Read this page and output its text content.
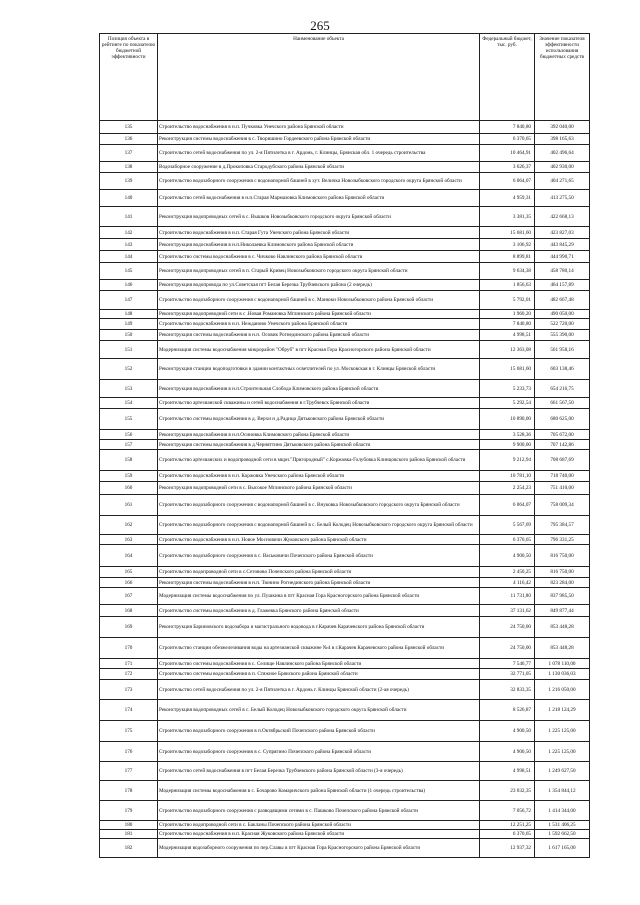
265
Позиция объекта в рейтинге по показателю бюджетной эффективности	Наименование объекта	Федеральный бюджет, тыс. руб.	Значение показателя эффективности использования бюджетных средств
135	Строительство водоснабжения в н.п. Пучковка Унечского района Брянской области	7 840,80	392 040,00
136	Реконструкция системы водоснабжения в с. Творишино Гордеевского района Брянской области	6 370,65	398 165,63
137	Строительство сетей водоснабжения по ул. 2-я Пятилетка в г. Ардонь, г. Клинцы, Брянская обл. 1 очередь строительства	10 464,91	402 496,64
138	Водозаборное сооружение в д.Прокоповка Стародубского района Брянской области	3 626,37	402 930,00
139	Строительство водозаборного сооружения с водонапорной башней в хут. Величка Новозыбковского городского округа Брянской области	6 064,07	404 271,65
140	Строительство сетей водоснабжения в н.п.Старая Мармазовка Климовского района Брянской области	4 959,31	413 275,50
141	Реконструкция водопроводных сетей в с. Вышков Новозыбковского городского округа Брянской области	3 381,35	422 668,13
142	Строительство водоснабжения в н.п. Старая Гута Унечского района Брянской области	15 681,60	423 827,03
143	Реконструкция водоснабжения в н.п.Николаевка Климовского района Брянской области	3 106,92	443 845,29
144	Строительство системы водоснабжения в с. Чичково Навлинского района Брянской области	8 899,81	444 990,71
145	Реконструкция водопроводных сетей в п. Старый Кривец Новозыбковского городского округа Брянской области	9 634,38	458 780,14
146	Реконструкция водопровода по ул.Советская пгт Белая Березка Трубчевского района (2 очередь)	1 856,63	464 157,89
147	Строительство водозаборного сооружения с водонапорной башней в с. Манюки Новозыбковского района Брянской области	5 792,01	482 667,48
148	Реконструкция водопроводной сети в с .Новая Романовка Мглинского района Брянской области	1 960,20	490 050,00
149	Строительство водоснабжения в н.п. Нежданово Унечского района Брянской области	7 840,80	522 720,00
150	Реконструкция системы водоснабжения в н.п. Осовик Рогнединского района Брянской области	4 998,51	555 390,00
151	Модернизация системы водоснабжения микрорайон "Обруб" в пгт Красная Гора Красногорского района Брянской области	12 363,08	561 958,16
152	Реконструкция станции водоподготовки в здании контактных осветлителей по ул. Московская в г. Клинцы Брянской области	15 681,60	603 138,46
153	Реконструкция водоснабжения в н.п.Строительная Слобода Климовского района Брянской области	5 233,73	654 216,75
154	Строительство артезианской скважины и сетей водоснабжения в г.Трубчевск Брянской области	5 292,54	661 567,50
155	Строительство системы водоснабжения в д. Верхи и д.Радица Дятьковского района Брянской области	10 890,00	680 625,00
156	Реконструкция водоснабжения в н.п.Осиновка Климовского района Брянской области	3 528,36	705 672,00
157	Реконструкция системы водоснабжения в д.Черняттино Дятьковского района Брянской области	9 900,00	707 142,86
158	Строительство артезианских и водопроводной сети в мкрн."Пригородный" с.Коржовка-Голубовка Клинцовского района Брянской области	9 212,94	708 687,69
159	Строительство водоснабжения в н.п. Коржовка Унечского района Брянской области	10 781,10	718 740,00
160	Реконструкция водопроводной сети в с. Высокое Мглинского района Брянской области	2 254,23	751 410,00
161	Строительство водозаборного сооружения с водонапорной башней в с. Внуковка Новозыбковского городского округа Брянской области	6 064,07	758 009,34
162	Строительство водозаборного сооружения с водонапорной башней в с. Белый Колодец Новозыбковского городского округа Брянской области	5 567,69	795 384,57
163	Строительство водоснабжения в н.п. Новое Мосновичи Жуковского района Брянской области	6 370,65	796 331,25
164	Строительство водозаборного сооружения в с. Васьковичи Почепского района Брянской области	4 900,50	816 750,00
165	Строительство водопроводной сети в с.Сетовово Почепского района Брянской области	2 450,25	816 750,00
166	Реконструкция системы водоснабжения в н.п. Тюнино Рогнединского района Брянской области	4 116,42	823 284,00
167	Модернизация системы водоснабжения по ул. Пушкина в пгт Красная Гора Красногорского района Брянской области	11 731,80	837 985,50
168	Строительство системы водоснабжения в д. Глажевка Брянского района Брянской области	37 131,62	849 877,44
169	Реконструкция Бариновского водозабора и магистрального водовода в г.Карачев Карачевского района Брянской области	24 750,00	853 448,28
170	Строительство станции обезжелезивания воды на артезианской скважине №4 в г.Карачев Карачевского района Брянской области	24 750,00	853 448,28
171	Строительство системы водоснабжения в с. Селище Навлинского района Брянской области	7 546,77	1 078 110,00
172	Строительство системы водоснабжения в п. Стяжное Брянского района Брянской области	32 771,05	1 130 036,03
173	Строительство сетей водоснабжения по ул. 2-я Пятилетка в г. Ардонь г. Клинцы Брянской области (2-ая очередь)	32 833,35	1 216 050,00
174	Реконструкция водопроводных сетей в с. Белый Колодец Новозыбковского городского округа Брянской области	8 526,87	1 218 124,29
175	Строительство водозаборного сооружения в п.Октябрьский Почепского района Брянской области	4 900,50	1 225 125,00
176	Строительство водозаборного сооружения в с. Супрягино Почепского района Брянской области	4 900,50	1 225 125,00
177	Строительство сетей водоснабжения в пгт Белая Березка Трубчевского района Брянской области (3-я очередь)	4 998,51	1 249 627,50
178	Модернизация системы водоснабжения в с. Бочарово Комаричского района Брянской области (1 очередь строительства)	23 032,35	1 354 844,12
179	Строительство водозаборного сооружения с разводящими сетями в с. Пашково Почепского района Брянской области	7 056,72	1 414 344,00
180	Строительство водопроводной сети в с. Бакланы Почепского района Брянской области	12 251,25	1 531 406,25
181	Строительство водоснабжения в н.п. Красная Жуковского района Брянской области	6 370,65	1 592 662,50
182	Модернизация водозаборного сооружения по пер.Славы в пгт Красная Гора Красногорского района Брянской области	12 937,32	1 617 165,00
